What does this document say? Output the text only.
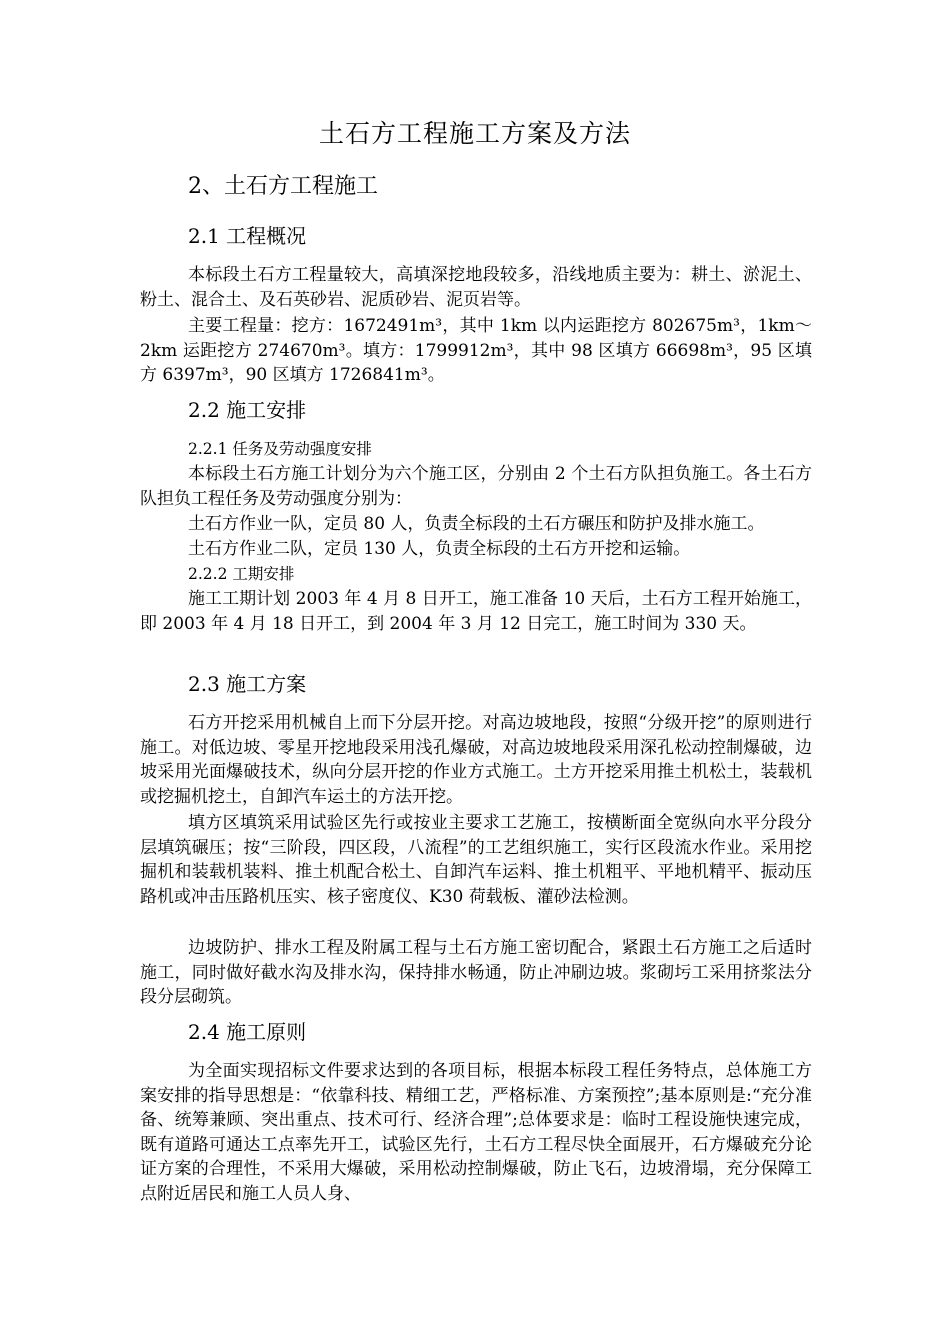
土石方工程施工方案及方法
2、土石方工程施工
2.1 工程概况

本标段土石方工程量较大，高填深挖地段较多，沿线地质主要为：耕土、淤泥土、粉土、混合土、及石英砂岩、泥质砂岩、泥页岩等。

主要工程量：挖方：1672491m³，其中 1km 以内运距挖方 802675m³，1km～2km 运距挖方 274670m³。填方：1799912m³，其中 98 区填方 66698m³，95 区填方 6397m³，90 区填方 1726841m³。

2.2 施工安排
2.2.1 任务及劳动强度安排

本标段土石方施工计划分为六个施工区，分别由 2 个土石方队担负施工。各土石方队担负工程任务及劳动强度分别为：

土石方作业一队，定员 80 人，负责全标段的土石方碾压和防护及排水施工。

土石方作业二队，定员 130 人，负责全标段的土石方开挖和运输。

2.2.2 工期安排

施工工期计划 2003 年 4 月 8 日开工，施工准备 10 天后，土石方工程开始施工，即 2003 年 4 月 18 日开工，到 2004 年 3 月 12 日完工，施工时间为 330 天。

2.3 施工方案

石方开挖采用机械自上而下分层开挖。对高边坡地段，按照“分级开挖”的原则进行施工。对低边坡、零星开挖地段采用浅孔爆破，对高边坡地段采用深孔松动控制爆破，边坡采用光面爆破技术，纵向分层开挖的作业方式施工。土方开挖采用推土机松土，装载机或挖掘机挖土，自卸汽车运土的方法开挖。

填方区填筑采用试验区先行或按业主要求工艺施工，按横断面全宽纵向水平分段分层填筑碾压；按“三阶段，四区段，八流程”的工艺组织施工，实行区段流水作业。采用挖掘机和装载机装料、推土机配合松土、自卸汽车运料、推土机粗平、平地机精平、振动压路机或冲击压路机压实、核子密度仪、K30 荷载板、灌砂法检测。

边坡防护、排水工程及附属工程与土石方施工密切配合，紧跟土石方施工之后适时施工，同时做好截水沟及排水沟，保持排水畅通，防止冲刷边坡。浆砌圬工采用挤浆法分段分层砌筑。

2.4 施工原则

为全面实现招标文件要求达到的各项目标，根据本标段工程任务特点，总体施工方案安排的指导思想是：“依靠科技、精细工艺，严格标准、方案预控”;基本原则是:“充分准备、统筹兼顾、突出重点、技术可行、经济合理”;总体要求是：临时工程设施快速完成，既有道路可通达工点率先开工，试验区先行，土石方工程尽快全面展开，石方爆破充分论证方案的合理性，不采用大爆破，采用松动控制爆破，防止飞石，边坡滑塌，充分保障工点附近居民和施工人员人身、
